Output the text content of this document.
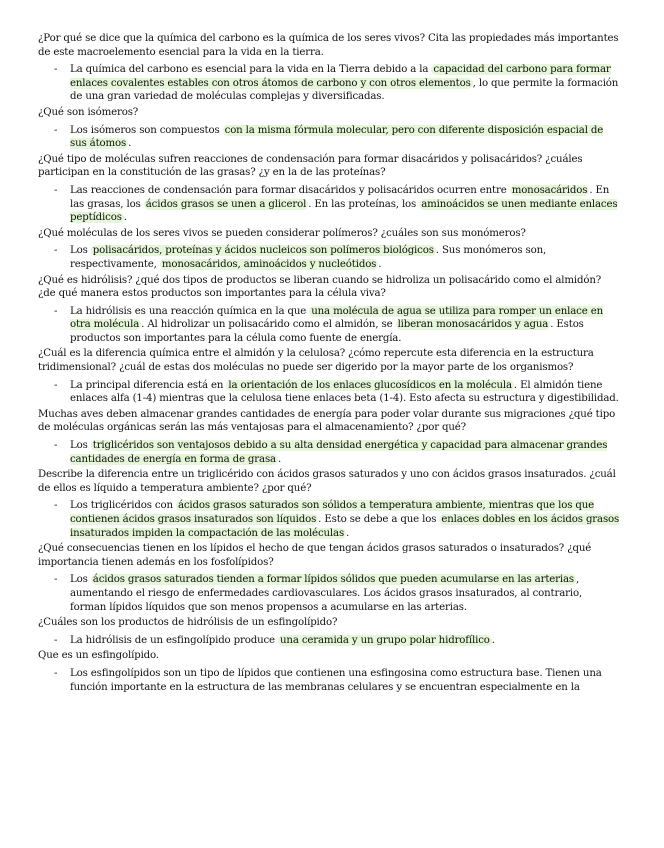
¿Por qué se dice que la química del carbono es la química de los seres vivos? Cita las propiedades más importantes de este macroelemento esencial para la vida en la tierra.

- La química del carbono es esencial para la vida en la Tierra debido a la capacidad del carbono para formar enlaces covalentes estables con otros átomos de carbono y con otros elementos , lo que permite la formación de una gran variedad de moléculas complejas y diversificadas.

¿Qué son isómeros?

- Los isómeros son compuestos con la misma fórmula molecular, pero con diferente disposición espacial de sus átomos .

¿Qué tipo de moléculas sufren reacciones de condensación para formar disacáridos y polisacáridos? ¿cuáles participan en la constitución de las grasas? ¿y en la de las proteínas?

- Las reacciones de condensación para formar disacáridos y polisacáridos ocurren entre monosacáridos . En las grasas, los ácidos grasos se unen a glicerol . En las proteínas, los aminoácidos se unen mediante enlaces peptídicos .

¿Qué moléculas de los seres vivos se pueden considerar polímeros? ¿cuáles son sus monómeros?

- Los polisacáridos, proteínas y ácidos nucleicos son polímeros biológicos . Sus monómeros son, respectivamente, monosacáridos, aminoácidos y nucleótidos .

¿Qué es hidrólisis? ¿qué dos tipos de productos se liberan cuando se hidroliza un polisacárido como el almidón? ¿de qué manera estos productos son importantes para la célula viva?

- La hidrólisis es una reacción química en la que una molécula de agua se utiliza para romper un enlace en otra molécula . Al hidrolizar un polisacárido como el almidón, se liberan monosacáridos y agua . Estos productos son importantes para la célula como fuente de energía.

¿Cuál es la diferencia química entre el almidón y la celulosa? ¿cómo repercute esta diferencia en la estructura tridimensional? ¿cuál de estas dos moléculas no puede ser digerido por la mayor parte de los organismos?

- La principal diferencia está en la orientación de los enlaces glucosídicos en la molécula . El almidón tiene enlaces alfa (1-4) mientras que la celulosa tiene enlaces beta (1-4). Esto afecta su estructura y digestibilidad.

Muchas aves deben almacenar grandes cantidades de energía para poder volar durante sus migraciones ¿qué tipo de moléculas orgánicas serán las más ventajosas para el almacenamiento? ¿por qué?

- Los triglicéridos son ventajosos debido a su alta densidad energética y capacidad para almacenar grandes cantidades de energía en forma de grasa .

Describe la diferencia entre un triglicérido con ácidos grasos saturados y uno con ácidos grasos insaturados. ¿cuál de ellos es líquido a temperatura ambiente? ¿por qué?

- Los triglicéridos con ácidos grasos saturados son sólidos a temperatura ambiente, mientras que los que contienen ácidos grasos insaturados son líquidos . Esto se debe a que los enlaces dobles en los ácidos grasos insaturados impiden la compactación de las moléculas .

¿Qué consecuencias tienen en los lípidos el hecho de que tengan ácidos grasos saturados o insaturados? ¿qué importancia tienen además en los fosfolípidos?

- Los ácidos grasos saturados tienden a formar lípidos sólidos que pueden acumularse en las arterias , aumentando el riesgo de enfermedades cardiovasculares. Los ácidos grasos insaturados, al contrario, forman lípidos líquidos que son menos propensos a acumularse en las arterias.

¿Cuáles son los productos de hidrólisis de un esfingolípido?

- La hidrólisis de un esfingolípido produce una ceramida y un grupo polar hidrofílico .

Que es un esfingolípido.

- Los esfingolípidos son un tipo de lípidos que contienen una esfingosina como estructura base. Tienen una función importante en la estructura de las membranas celulares y se encuentran especialmente en la
